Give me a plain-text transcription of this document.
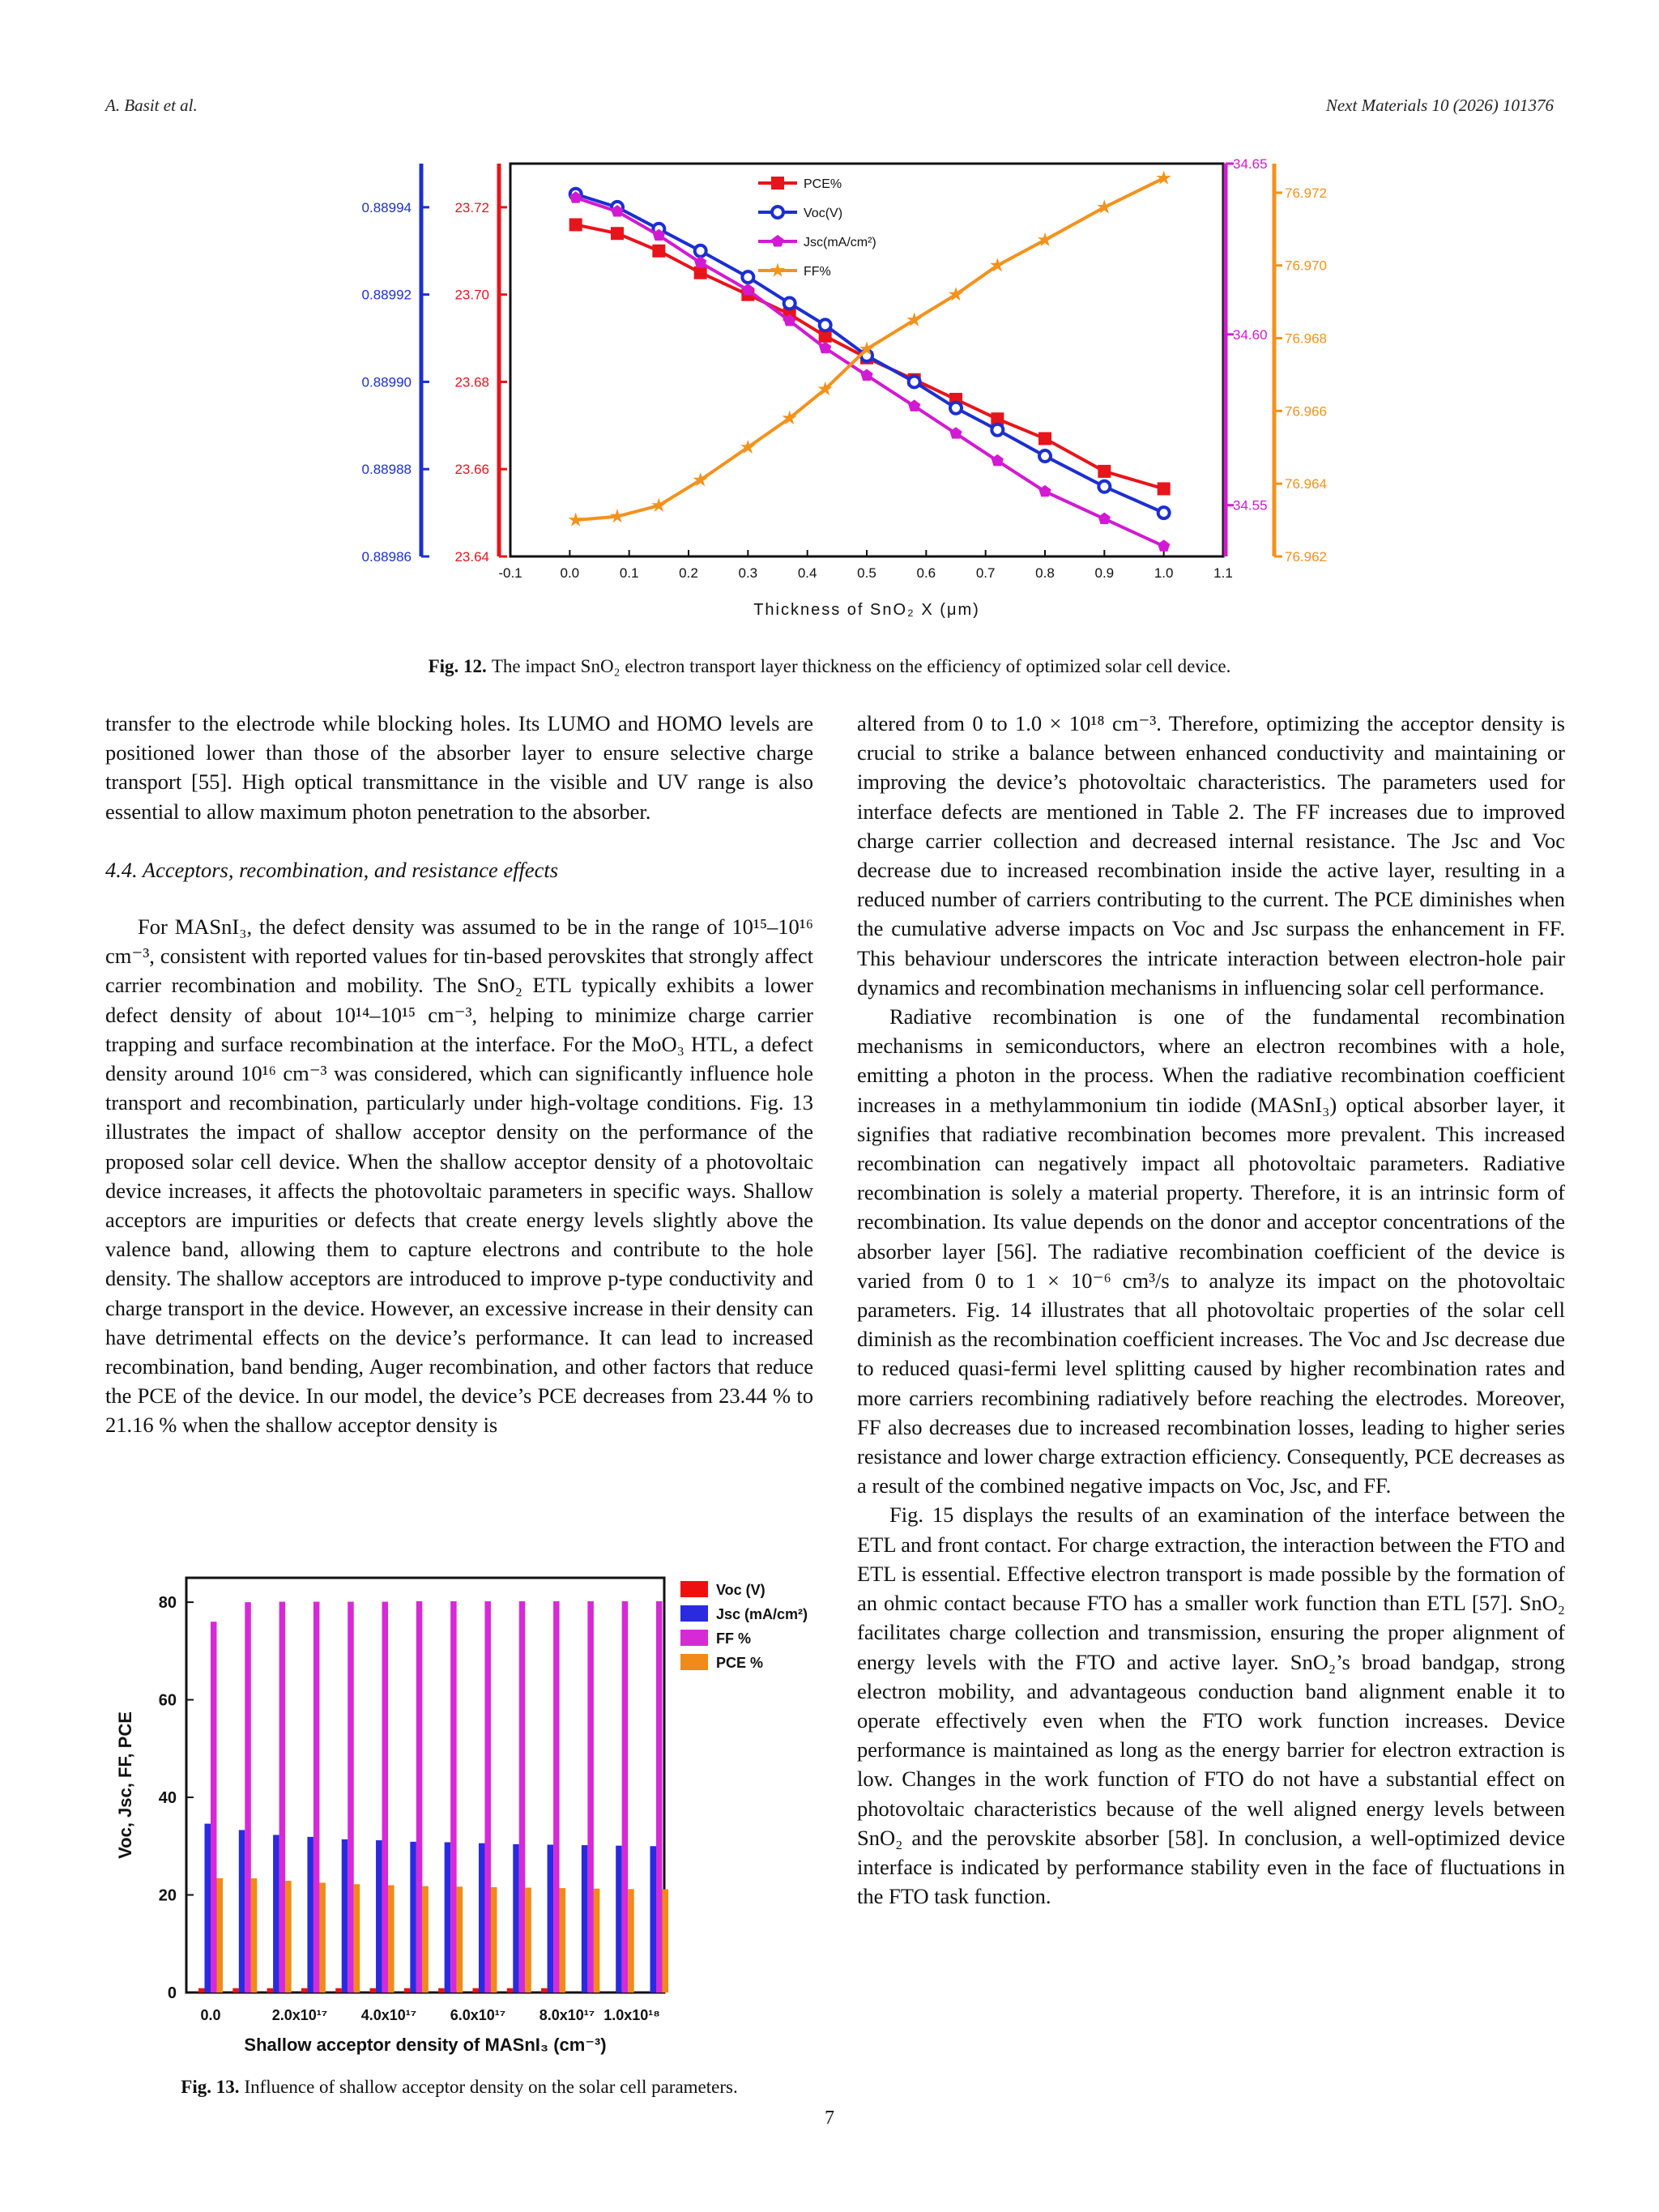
A. Basit et al.	Next Materials 10 (2026) 101376
-0.1	0.0	0.1	0.2	0.3	0.4	0.5	0.6	0.7	0.8	0.9	1.0	1.1
Thickness of SnO₂ X (μm)
0.88994
0.88992
0.88990
0.88988
0.88986
23.72
23.70
23.68
23.66
23.64
34.65
34.60
34.55
76.972
76.970
76.968
76.966
76.964
76.962
PCE%
Voc(V)
Jsc(mA/cm²)
FF%
Fig. 12. The impact SnO₂ electron transport layer thickness on the efficiency of optimized solar cell device.

transfer to the electrode while blocking holes. Its LUMO and HOMO levels are positioned lower than those of the absorber layer to ensure selective charge transport [55]. High optical transmittance in the visible and UV range is also essential to allow maximum photon penetration to the absorber.

4.4. Acceptors, recombination, and resistance effects

For MASnI₃, the defect density was assumed to be in the range of 10¹⁵–10¹⁶ cm⁻³, consistent with reported values for tin-based perovskites that strongly affect carrier recombination and mobility. The SnO₂ ETL typically exhibits a lower defect density of about 10¹⁴–10¹⁵ cm⁻³, helping to minimize charge carrier trapping and surface recombination at the interface. For the MoO₃ HTL, a defect density around 10¹⁶ cm⁻³ was considered, which can significantly influence hole transport and recombination, particularly under high-voltage conditions. Fig. 13 illustrates the impact of shallow acceptor density on the performance of the proposed solar cell device. When the shallow acceptor density of a photovoltaic device increases, it affects the photovoltaic parameters in specific ways. Shallow acceptors are impurities or defects that create energy levels slightly above the valence band, allowing them to capture electrons and contribute to the hole density. The shallow acceptors are introduced to improve p-type conductivity and charge transport in the device. However, an excessive increase in their density can have detrimental effects on the device’s performance. It can lead to increased recombination, band bending, Auger recombination, and other factors that reduce the PCE of the device. In our model, the device’s PCE decreases from 23.44 % to 21.16 % when the shallow acceptor density is

0
20
40
60
80
Voc, Jsc, FF, PCE
Shallow acceptor density of MASnI₃ (cm⁻³)
0.0	2.0x10¹⁷ 4.0x10¹⁷ 6.0x10¹⁷ 8.0x10¹⁷ 1.0x10¹⁸
Voc (V)
Jsc (mA/cm²)
FF %
PCE %
Fig. 13. Influence of shallow acceptor density on the solar cell parameters.

altered from 0 to 1.0 × 10¹⁸ cm⁻³. Therefore, optimizing the acceptor density is crucial to strike a balance between enhanced conductivity and maintaining or improving the device’s photovoltaic characteristics. The parameters used for interface defects are mentioned in Table 2. The FF increases due to improved charge carrier collection and decreased internal resistance. The Jsc and Voc decrease due to increased recombination inside the active layer, resulting in a reduced number of carriers contributing to the current. The PCE diminishes when the cumulative adverse impacts on Voc and Jsc surpass the enhancement in FF. This behaviour underscores the intricate interaction between electron-hole pair dynamics and recombination mechanisms in influencing solar cell performance.

Radiative recombination is one of the fundamental recombination mechanisms in semiconductors, where an electron recombines with a hole, emitting a photon in the process. When the radiative recombination coefficient increases in a methylammonium tin iodide (MASnI₃) optical absorber layer, it signifies that radiative recombination becomes more prevalent. This increased recombination can negatively impact all photovoltaic parameters. Radiative recombination is solely a material property. Therefore, it is an intrinsic form of recombination. Its value depends on the donor and acceptor concentrations of the absorber layer [56]. The radiative recombination coefficient of the device is varied from 0 to 1 × 10⁻⁶ cm³/s to analyze its impact on the photovoltaic parameters. Fig. 14 illustrates that all photovoltaic properties of the solar cell diminish as the recombination coefficient increases. The Voc and Jsc decrease due to reduced quasi-fermi level splitting caused by higher recombination rates and more carriers recombining radiatively before reaching the electrodes. Moreover, FF also decreases due to increased recombination losses, leading to higher series resistance and lower charge extraction efficiency. Consequently, PCE decreases as a result of the combined negative impacts on Voc, Jsc, and FF.

Fig. 15 displays the results of an examination of the interface between the ETL and front contact. For charge extraction, the interaction between the FTO and ETL is essential. Effective electron transport is made possible by the formation of an ohmic contact because FTO has a smaller work function than ETL [57]. SnO₂ facilitates charge collection and transmission, ensuring the proper alignment of energy levels with the FTO and active layer. SnO₂’s broad bandgap, strong electron mobility, and advantageous conduction band alignment enable it to operate effectively even when the FTO work function increases. Device performance is maintained as long as the energy barrier for electron extraction is low. Changes in the work function of FTO do not have a substantial effect on photovoltaic characteristics because of the well aligned energy levels between SnO₂ and the perovskite absorber [58]. In conclusion, a well-optimized device interface is indicated by performance stability even in the face of fluctuations in the FTO task function.

7
